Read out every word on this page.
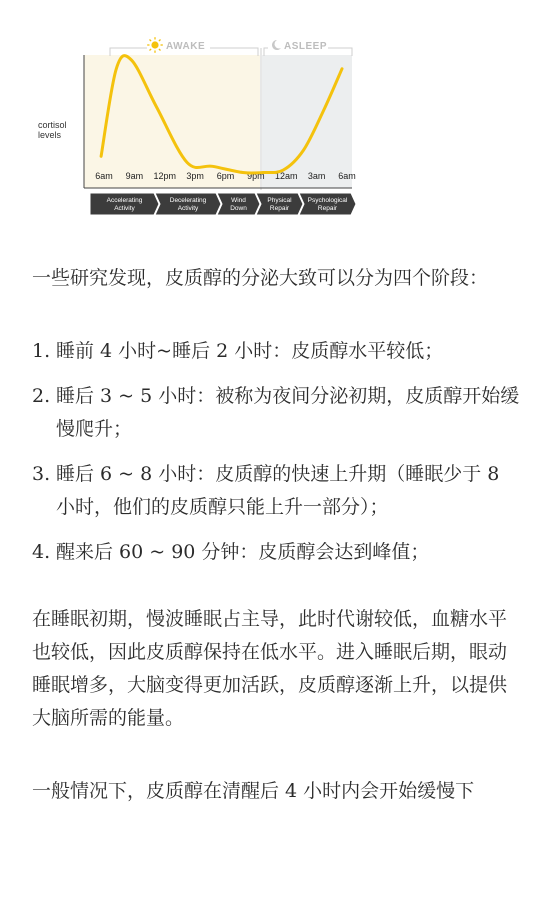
AWAKE	ASLEEP
cortisol levels
6am 9am 12pm 3pm 6pm 9pm 12am 3am 6am
Accelerating
Activity
Decelerating
Activity
Wind
Down
Physical
Repair
Psychological
Repair

一些研究发现，皮质醇的分泌大致可以分为四个阶段：

1. 睡前 4 小时~睡后 2 小时：皮质醇水平较低；
2. 睡后 3 ~ 5 小时：被称为夜间分泌初期，皮质醇开始缓慢爬升；
3. 睡后 6 ~ 8 小时：皮质醇的快速上升期（睡眠少于 8 小时，他们的皮质醇只能上升一部分）；
4. 醒来后 60 ~ 90 分钟：皮质醇会达到峰值；

在睡眠初期，慢波睡眠占主导，此时代谢较低，血糖水平也较低，因此皮质醇保持在低水平。进入睡眠后期，眼动睡眠增多，大脑变得更加活跃，皮质醇逐渐上升，以提供大脑所需的能量。

一般情况下，皮质醇在清醒后 4 小时内会开始缓慢下
